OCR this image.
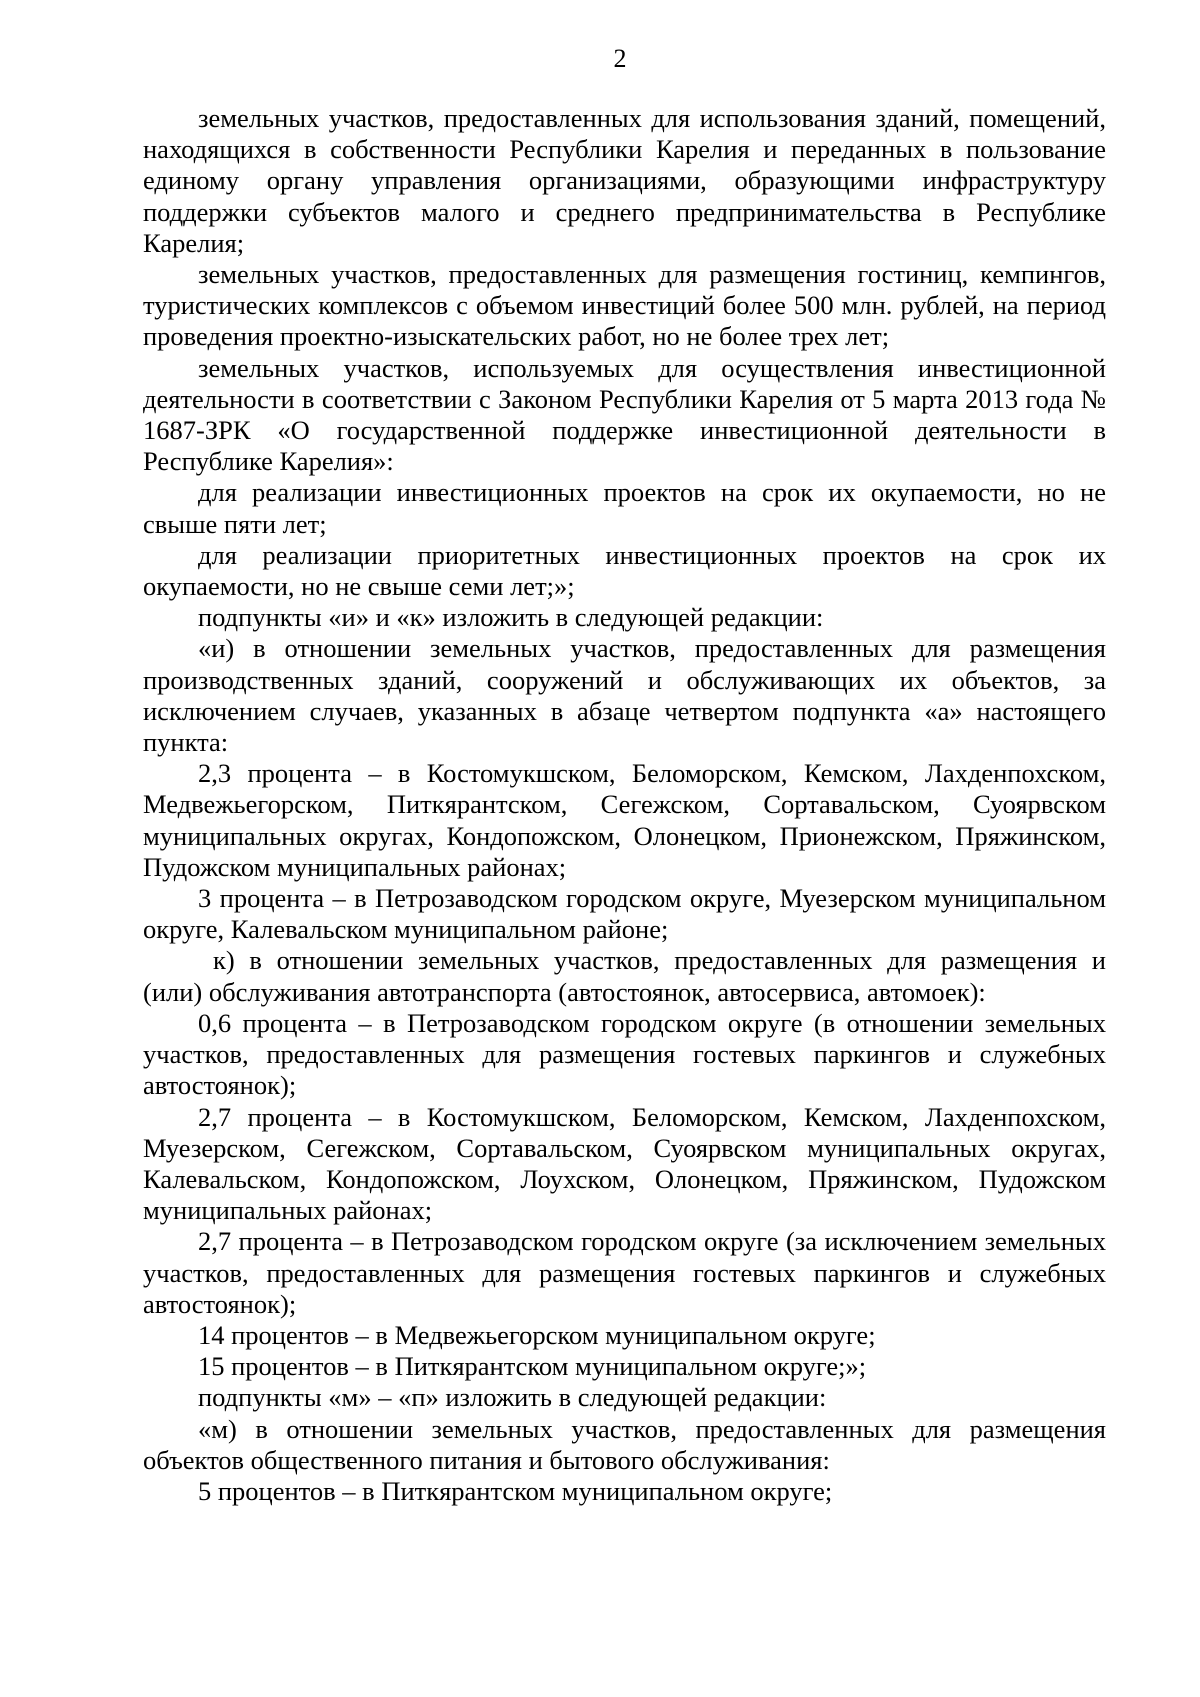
2

земельных участков, предоставленных для использования зданий, помещений, находящихся в собственности Республики Карелия и переданных в пользование единому органу управления организациями, образующими инфраструктуру поддержки субъектов малого и среднего предпринимательства в Республике Карелия;

земельных участков, предоставленных для размещения гостиниц, кемпингов, туристических комплексов с объемом инвестиций более 500 млн. рублей, на период проведения проектно-изыскательских работ, но не более трех лет;

земельных участков, используемых для осуществления инвестиционной деятельности в соответствии с Законом Республики Карелия от 5 марта 2013 года № 1687-ЗРК «О государственной поддержке инвестиционной деятельности в Республике Карелия»:

для реализации инвестиционных проектов на срок их окупаемости, но не свыше пяти лет;

для реализации приоритетных инвестиционных проектов на срок их окупаемости, но не свыше семи лет;»;

подпункты «и» и «к» изложить в следующей редакции:

«и) в отношении земельных участков, предоставленных для размещения производственных зданий, сооружений и обслуживающих их объектов, за исключением случаев, указанных в абзаце четвертом подпункта «а» настоящего пункта:

2,3 процента – в Костомукшском, Беломорском, Кемском, Лахденпохском, Медвежьегорском, Питкярантском, Сегежском, Сортавальском, Суоярвском муниципальных округах, Кондопожском, Олонецком, Прионежском, Пряжинском, Пудожском муниципальных районах;

3 процента – в Петрозаводском городском округе, Муезерском муниципальном округе, Калевальском муниципальном районе;

к) в отношении земельных участков, предоставленных для размещения и (или) обслуживания автотранспорта (автостоянок, автосервиса, автомоек):

0,6 процента – в Петрозаводском городском округе (в отношении земельных участков, предоставленных для размещения гостевых паркингов и служебных автостоянок);

2,7 процента – в Костомукшском, Беломорском, Кемском, Лахденпохском, Муезерском, Сегежском, Сортавальском, Суоярвском муниципальных округах, Калевальском, Кондопожском, Лоухском, Олонецком, Пряжинском, Пудожском муниципальных районах;

2,7 процента – в Петрозаводском городском округе (за исключением земельных участков, предоставленных для размещения гостевых паркингов и служебных автостоянок);

14 процентов – в Медвежьегорском муниципальном округе;

15 процентов – в Питкярантском муниципальном округе;»;

подпункты «м» – «п» изложить в следующей редакции:

«м) в отношении земельных участков, предоставленных для размещения объектов общественного питания и бытового обслуживания:

5 процентов – в Питкярантском муниципальном округе;
